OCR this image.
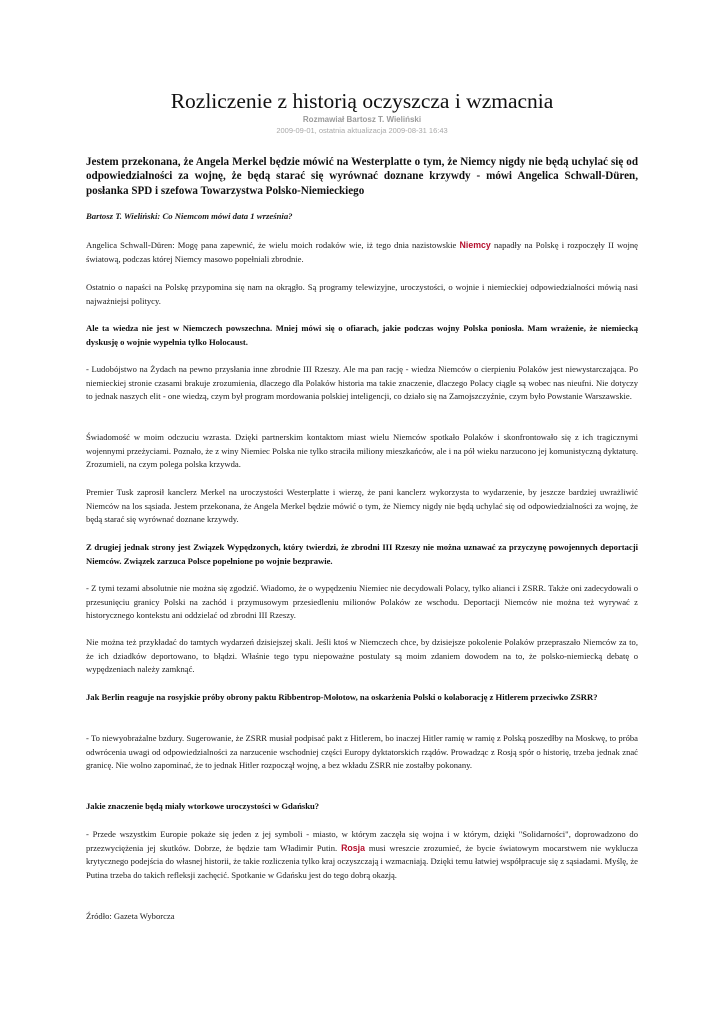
Rozliczenie z historią oczyszcza i wzmacnia
Rozmawiał Bartosz T. Wieliński
2009-09-01, ostatnia aktualizacja 2009-08-31 16:43

Jestem przekonana, że Angela Merkel będzie mówić na Westerplatte o tym, że Niemcy nigdy nie będą uchylać się od odpowiedzialności za wojnę, że będą starać się wyrównać doznane krzywdy - mówi Angelica Schwall-Düren, posłanka SPD i szefowa Towarzystwa Polsko-Niemieckiego

Bartosz T. Wieliński: Co Niemcom mówi data 1 września?

Angelica Schwall-Düren: Mogę pana zapewnić, że wielu moich rodaków wie, iż tego dnia nazistowskie Niemcy napadły na Polskę i rozpoczęły II wojnę światową, podczas której Niemcy masowo popełniali zbrodnie.

Ostatnio o napaści na Polskę przypomina się nam na okrągło. Są programy telewizyjne, uroczystości, o wojnie i niemieckiej odpowiedzialności mówią nasi najważniejsi politycy.

Ale ta wiedza nie jest w Niemczech powszechna. Mniej mówi się o ofiarach, jakie podczas wojny Polska poniosła. Mam wrażenie, że niemiecką dyskusję o wojnie wypełnia tylko Holocaust.

- Ludobójstwo na Żydach na pewno przysłania inne zbrodnie III Rzeszy. Ale ma pan rację - wiedza Niemców o cierpieniu Polaków jest niewystarczająca. Po niemieckiej stronie czasami brakuje zrozumienia, dlaczego dla Polaków historia ma takie znaczenie, dlaczego Polacy ciągle są wobec nas nieufni. Nie dotyczy to jednak naszych elit - one wiedzą, czym był program mordowania polskiej inteligencji, co działo się na Zamojszczyźnie, czym było Powstanie Warszawskie.

Świadomość w moim odczuciu wzrasta. Dzięki partnerskim kontaktom miast wielu Niemców spotkało Polaków i skonfrontowało się z ich tragicznymi wojennymi przeżyciami. Poznało, że z winy Niemiec Polska nie tylko straciła miliony mieszkańców, ale i na pół wieku narzucono jej komunistyczną dyktaturę. Zrozumieli, na czym polega polska krzywda.

Premier Tusk zaprosił kanclerz Merkel na uroczystości Westerplatte i wierzę, że pani kanclerz wykorzysta to wydarzenie, by jeszcze bardziej uwrażliwić Niemców na los sąsiada. Jestem przekonana, że Angela Merkel będzie mówić o tym, że Niemcy nigdy nie będą uchylać się od odpowiedzialności za wojnę, że będą starać się wyrównać doznane krzywdy.

Z drugiej jednak strony jest Związek Wypędzonych, który twierdzi, że zbrodni III Rzeszy nie można uznawać za przyczynę powojennych deportacji Niemców. Związek zarzuca Polsce popełnione po wojnie bezprawie.

- Z tymi tezami absolutnie nie można się zgodzić. Wiadomo, że o wypędzeniu Niemiec nie decydowali Polacy, tylko alianci i ZSRR. Także oni zadecydowali o przesunięciu granicy Polski na zachód i przymusowym przesiedleniu milionów Polaków ze wschodu. Deportacji Niemców nie można też wyrywać z historycznego kontekstu ani oddzielać od zbrodni III Rzeszy.

Nie można też przykładać do tamtych wydarzeń dzisiejszej skali. Jeśli ktoś w Niemczech chce, by dzisiejsze pokolenie Polaków przepraszało Niemców za to, że ich dziadków deportowano, to błądzi. Właśnie tego typu niepoważne postulaty są moim zdaniem dowodem na to, że polsko-niemiecką debatę o wypędzeniach należy zamknąć.

Jak Berlin reaguje na rosyjskie próby obrony paktu Ribbentrop-Mołotow, na oskarżenia Polski o kolaborację z Hitlerem przeciwko ZSRR?

- To niewyobrażalne bzdury. Sugerowanie, że ZSRR musiał podpisać pakt z Hitlerem, bo inaczej Hitler ramię w ramię z Polską poszedłby na Moskwę, to próba odwrócenia uwagi od odpowiedzialności za narzucenie wschodniej części Europy dyktatorskich rządów. Prowadząc z Rosją spór o historię, trzeba jednak znać granicę. Nie wolno zapominać, że to jednak Hitler rozpoczął wojnę, a bez wkładu ZSRR nie zostałby pokonany.

Jakie znaczenie będą miały wtorkowe uroczystości w Gdańsku?

- Przede wszystkim Europie pokaże się jeden z jej symboli - miasto, w którym zaczęła się wojna i w którym, dzięki "Solidarności", doprowadzono do przezwyciężenia jej skutków. Dobrze, że będzie tam Władimir Putin. Rosja musi wreszcie zrozumieć, że bycie światowym mocarstwem nie wyklucza krytycznego podejścia do własnej historii, że takie rozliczenia tylko kraj oczyszczają i wzmacniają. Dzięki temu łatwiej współpracuje się z sąsiadami. Myślę, że Putina trzeba do takich refleksji zachęcić. Spotkanie w Gdańsku jest do tego dobrą okazją.

Źródło: Gazeta Wyborcza
